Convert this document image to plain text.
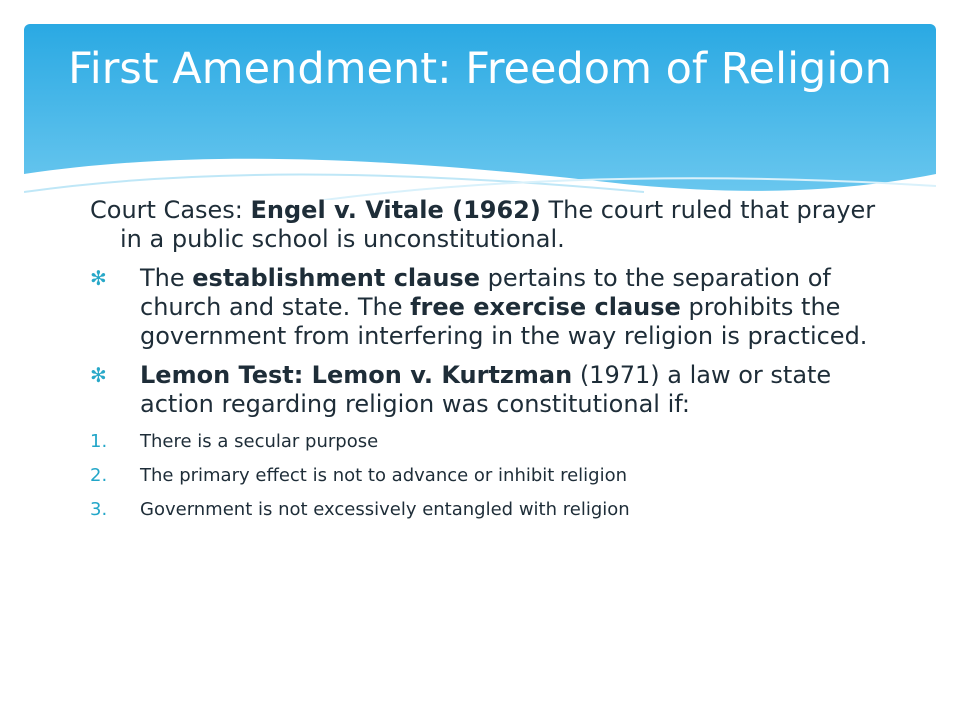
First Amendment: Freedom of Religion

Court Cases: Engel v. Vitale (1962) The court ruled that prayer in a public school is unconstitutional.

✻	The establishment clause pertains to the separation of church and state. The free exercise clause prohibits the government from interfering in the way religion is practiced.
✻	Lemon Test: Lemon v. Kurtzman (1971) a law or state action regarding religion was constitutional if:
1. There is a secular purpose
2. The primary effect is not to advance or inhibit religion
3. Government is not excessively entangled with religion
